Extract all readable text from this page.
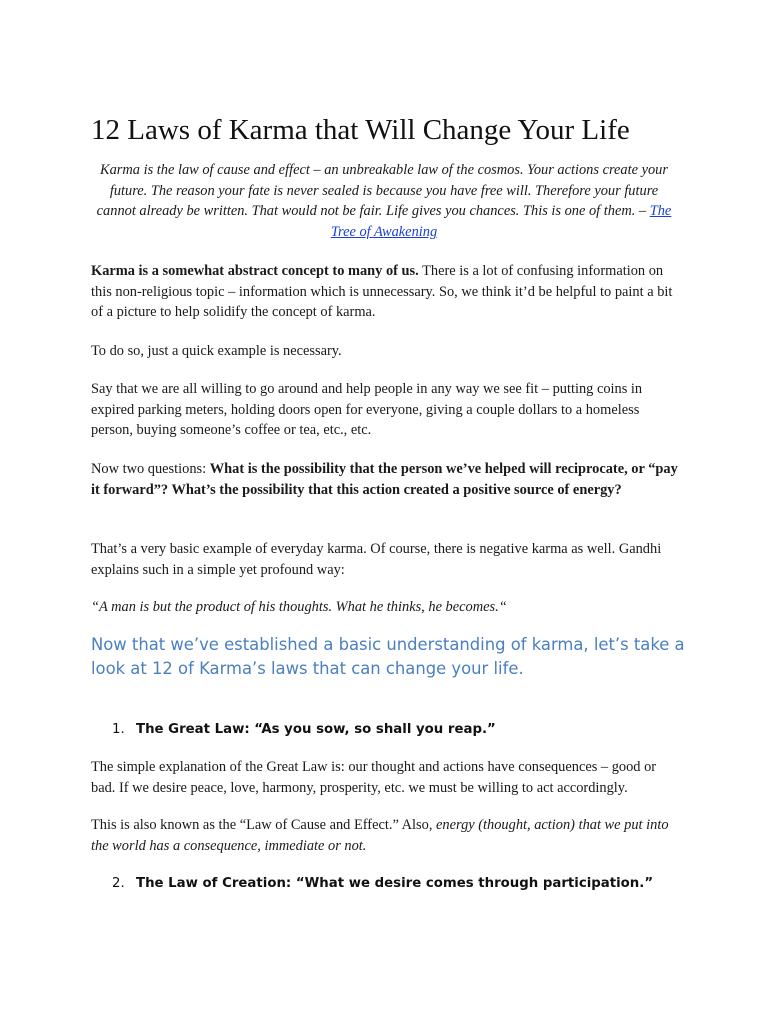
12 Laws of Karma that Will Change Your Life

Karma is the law of cause and effect – an unbreakable law of the cosmos. Your actions create your future. The reason your fate is never sealed is because you have free will. Therefore your future cannot already be written. That would not be fair. Life gives you chances. This is one of them. – The Tree of Awakening

Karma is a somewhat abstract concept to many of us. There is a lot of confusing information on this non-religious topic – information which is unnecessary. So, we think it’d be helpful to paint a bit of a picture to help solidify the concept of karma.

To do so, just a quick example is necessary.

Say that we are all willing to go around and help people in any way we see fit – putting coins in expired parking meters, holding doors open for everyone, giving a couple dollars to a homeless person, buying someone’s coffee or tea, etc., etc.

Now two questions: What is the possibility that the person we’ve helped will reciprocate, or “pay it forward”? What’s the possibility that this action created a positive source of energy?

That’s a very basic example of everyday karma. Of course, there is negative karma as well. Gandhi explains such in a simple yet profound way:

“A man is but the product of his thoughts. What he thinks, he becomes.“

Now that we’ve established a basic understanding of karma, let’s take a look at 12 of Karma’s laws that can change your life.
1. The Great Law: “As you sow, so shall you reap.”

The simple explanation of the Great Law is: our thought and actions have consequences – good or bad. If we desire peace, love, harmony, prosperity, etc. we must be willing to act accordingly.

This is also known as the “Law of Cause and Effect.” Also, energy (thought, action) that we put into the world has a consequence, immediate or not.

2. The Law of Creation: “What we desire comes through participation.”
